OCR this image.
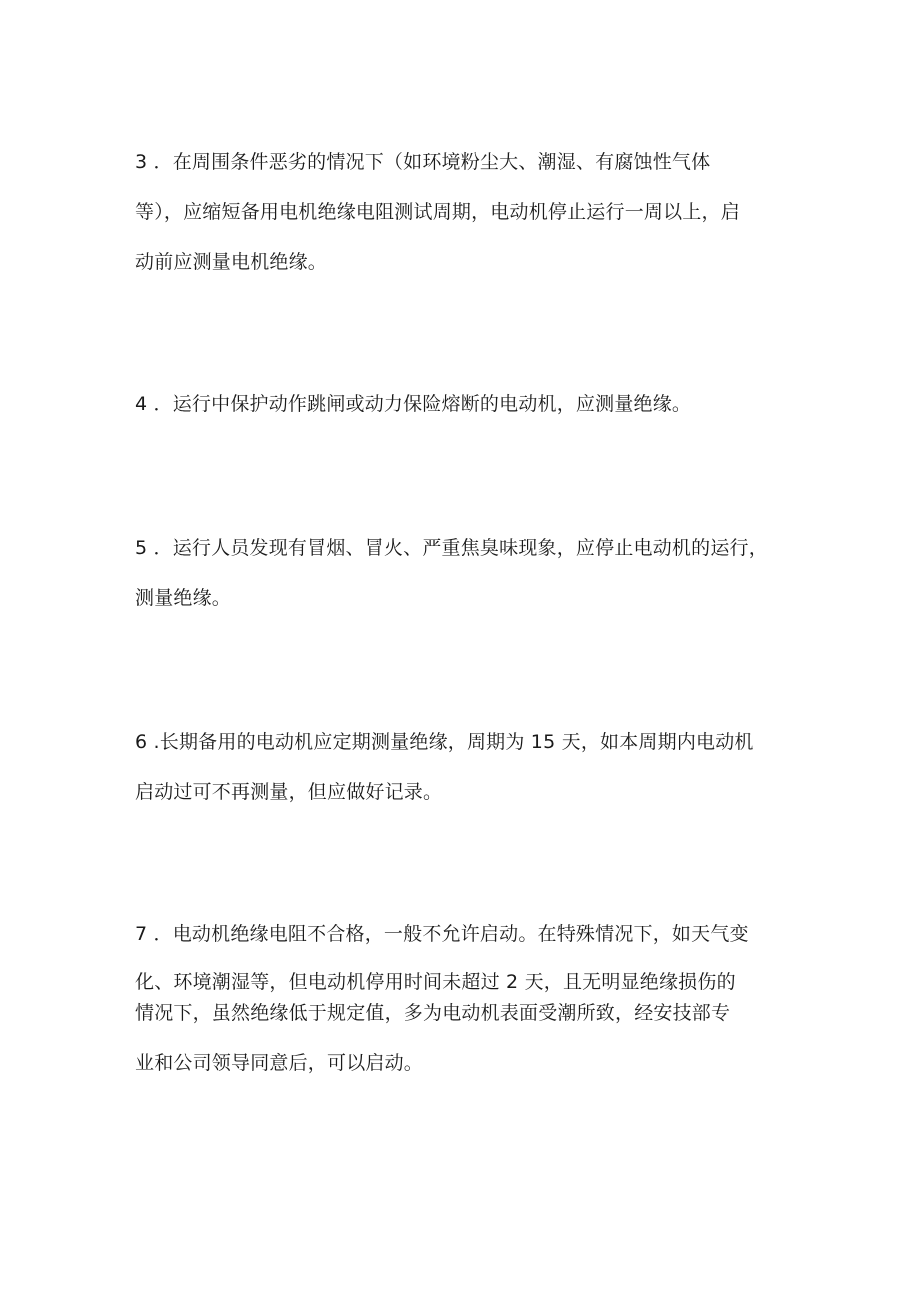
3 ．在周围条件恶劣的情况下（如环境粉尘大、潮湿、有腐蚀性气体
等），应缩短备用电机绝缘电阻测试周期，电动机停止运行一周以上，启
动前应测量电机绝缘。
4 ．运行中保护动作跳闸或动力保险熔断的电动机，应测量绝缘。
5 ．运行人员发现有冒烟、冒火、严重焦臭味现象，应停止电动机的运行，
测量绝缘。
6 .长期备用的电动机应定期测量绝缘，周期为 15 天，如本周期内电动机
启动过可不再测量，但应做好记录。
7 ．电动机绝缘电阻不合格，一般不允许启动。在特殊情况下，如天气变
化、环境潮湿等，但电动机停用时间未超过 2 天，且无明显绝缘损伤的
情况下，虽然绝缘低于规定值，多为电动机表面受潮所致，经安技部专
业和公司领导同意后，可以启动。
